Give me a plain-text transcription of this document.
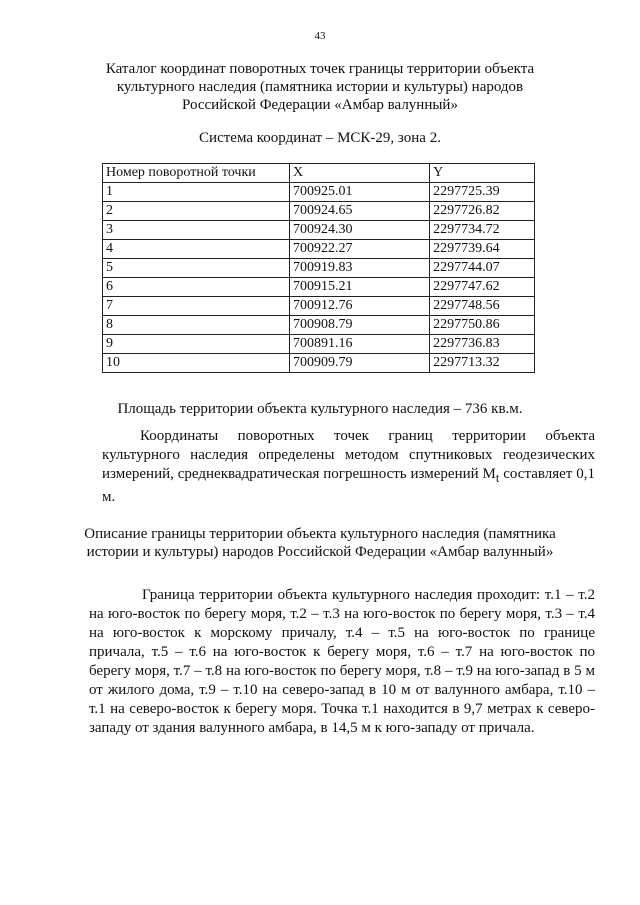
43
Каталог координат поворотных точек границы территории объекта культурного наследия (памятника истории и культуры) народов Российской Федерации «Амбар валунный»
Система координат – МСК-29, зона 2.
Номер поворотной точки	X	Y
1	700925.01	2297725.39
2	700924.65	2297726.82
3	700924.30	2297734.72
4	700922.27	2297739.64
5	700919.83	2297744.07
6	700915.21	2297747.62
7	700912.76	2297748.56
8	700908.79	2297750.86
9	700891.16	2297736.83
10	700909.79	2297713.32
Площадь территории объекта культурного наследия – 736 кв.м.
Координаты поворотных точек границ территории объекта культурного наследия определены методом спутниковых геодезических измерений, среднеквадратическая погрешность измерений $M_t$ составляет 0,1 м.
Описание границы территории объекта культурного наследия (памятника истории и культуры) народов Российской Федерации «Амбар валунный»
Граница территории объекта культурного наследия проходит: т.1 – т.2 на юго-восток по берегу моря, т.2 – т.3 на юго-восток по берегу моря, т.3 – т.4 на юго-восток к морскому причалу, т.4 – т.5 на юго-восток по границе причала, т.5 – т.6 на юго-восток к берегу моря, т.6 – т.7 на юго-восток по берегу моря, т.7 – т.8 на юго-восток по берегу моря, т.8 – т.9 на юго-запад в 5 м от жилого дома, т.9 – т.10 на северо-запад в 10 м от валунного амбара, т.10 – т.1 на северо-восток к берегу моря. Точка т.1 находится в 9,7 метрах к северо-западу от здания валунного амбара, в 14,5 м к юго-западу от причала.
